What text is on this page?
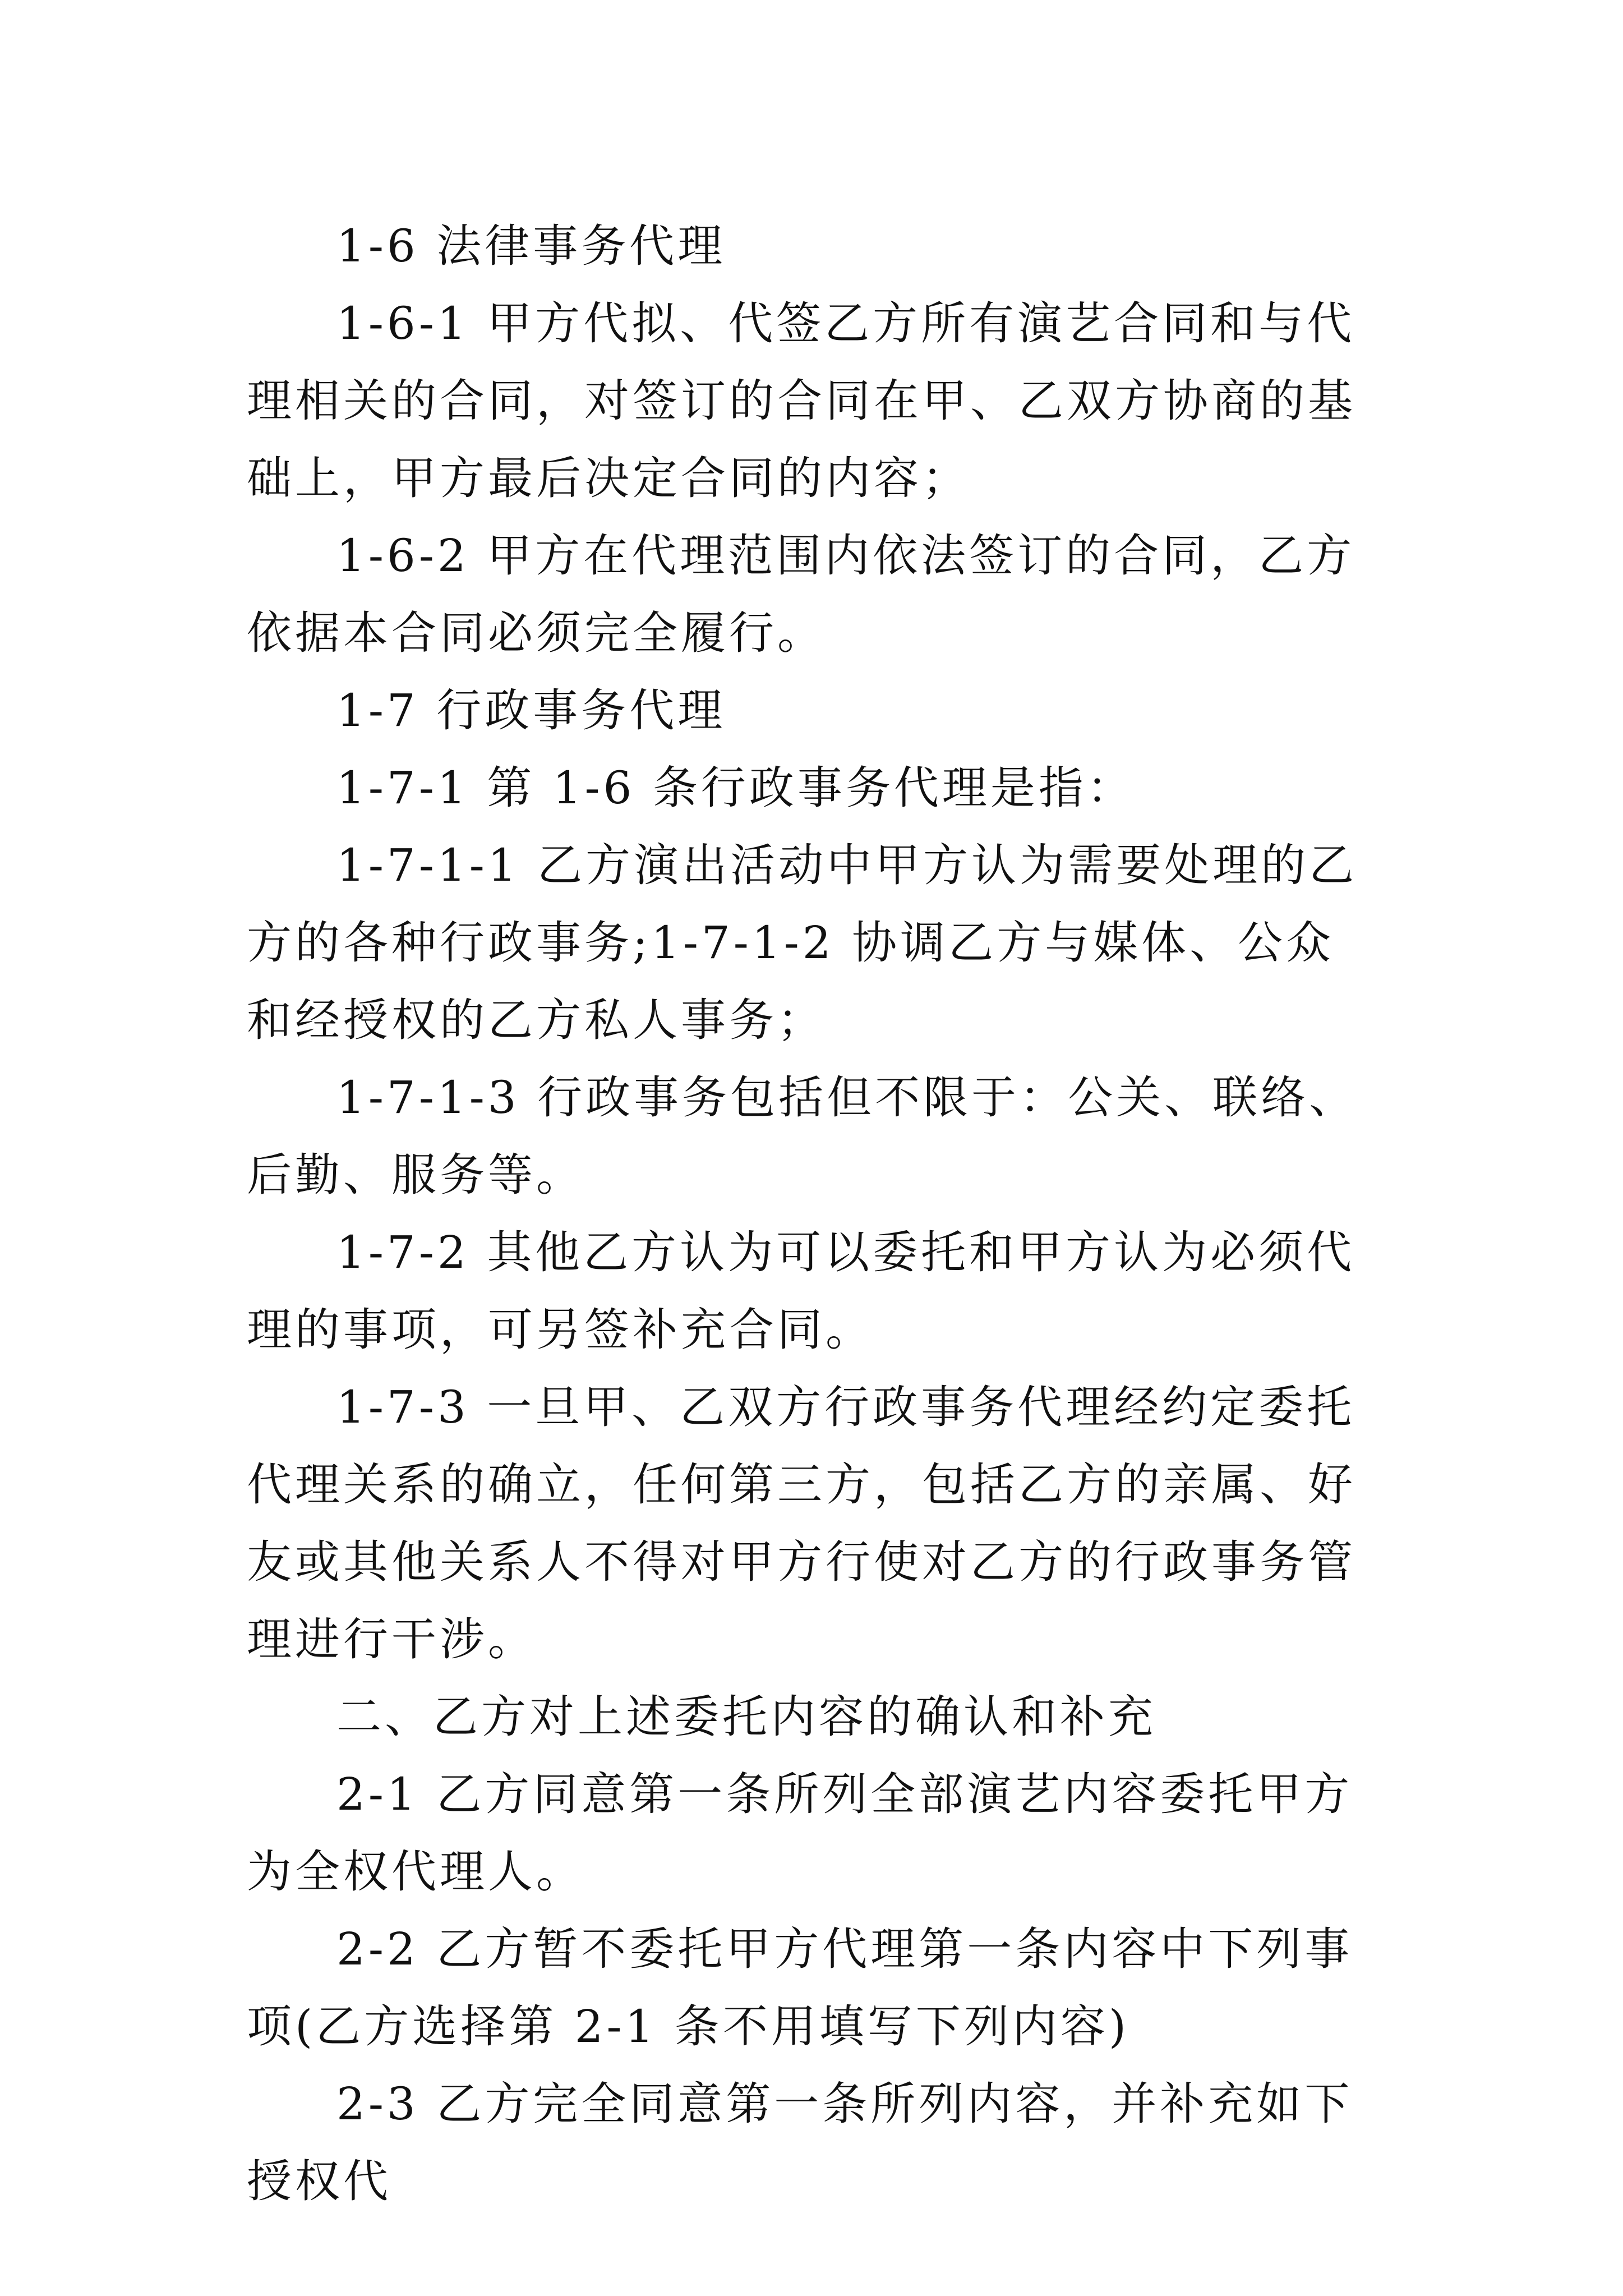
1-6 法律事务代理

1-6-1 甲方代拟、代签乙方所有演艺合同和与代理相关的合同，对签订的合同在甲、乙双方协商的基础上，甲方最后决定合同的内容；

1-6-2 甲方在代理范围内依法签订的合同，乙方依据本合同必须完全履行。

1-7 行政事务代理

1-7-1 第 1-6 条行政事务代理是指：

1-7-1-1 乙方演出活动中甲方认为需要处理的乙方的各种行政事务;1-7-1-2 协调乙方与媒体、公众和经授权的乙方私人事务；

1-7-1-3 行政事务包括但不限于：公关、联络、后勤、服务等。

1-7-2 其他乙方认为可以委托和甲方认为必须代理的事项，可另签补充合同。

1-7-3 一旦甲、乙双方行政事务代理经约定委托代理关系的确立，任何第三方，包括乙方的亲属、好友或其他关系人不得对甲方行使对乙方的行政事务管理进行干涉。

二、乙方对上述委托内容的确认和补充

2-1 乙方同意第一条所列全部演艺内容委托甲方为全权代理人。

2-2 乙方暂不委托甲方代理第一条内容中下列事项(乙方选择第 2-1 条不用填写下列内容)

2-3 乙方完全同意第一条所列内容，并补充如下授权代
